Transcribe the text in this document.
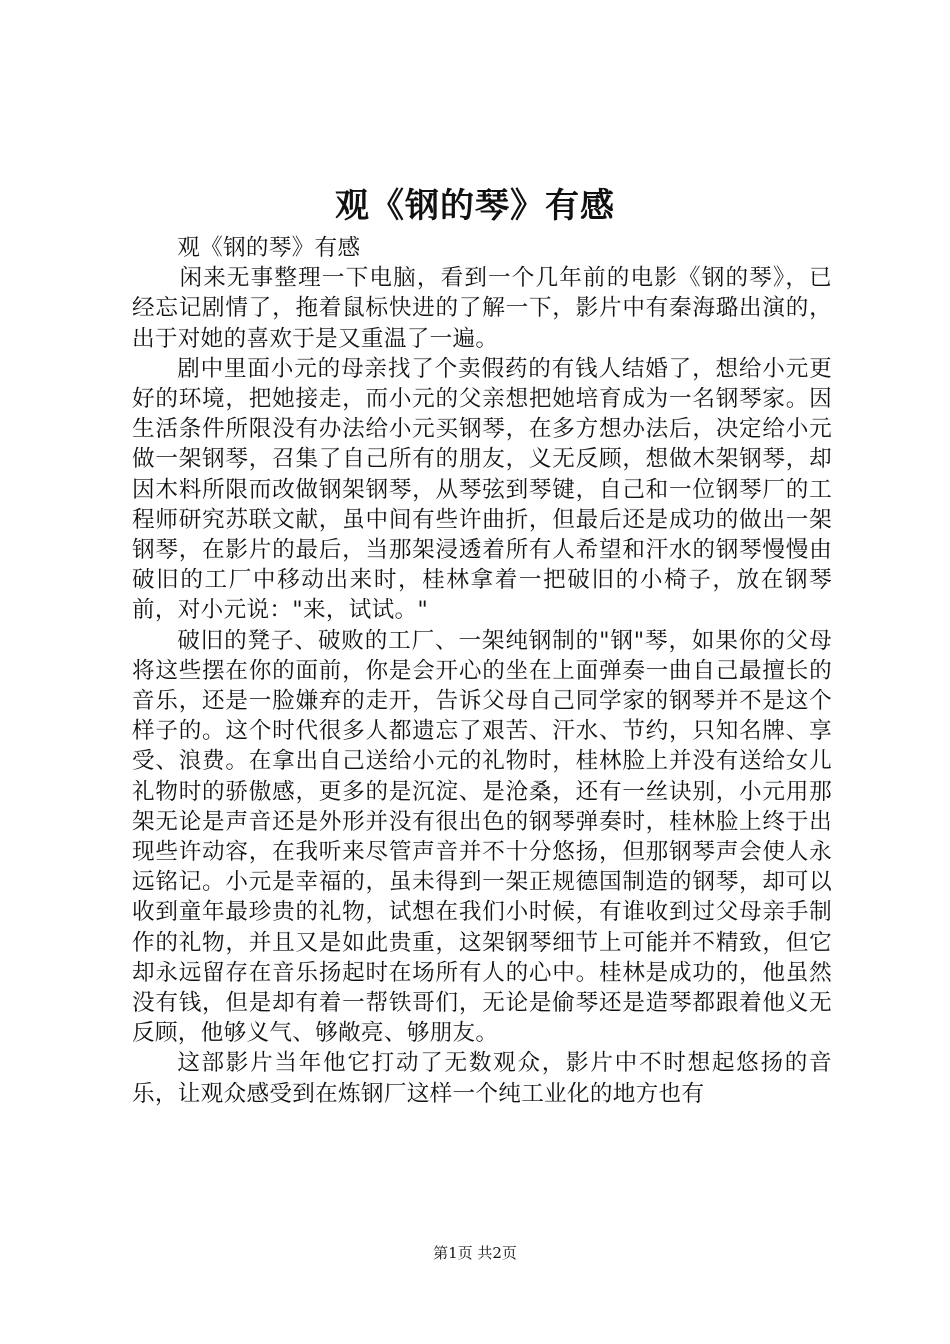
观《钢的琴》有感

观《钢的琴》有感

闲来无事整理一下电脑，看到一个几年前的电影《钢的琴》，已经忘记剧情了，拖着鼠标快进的了解一下，影片中有秦海璐出演的，出于对她的喜欢于是又重温了一遍。

剧中里面小元的母亲找了个卖假药的有钱人结婚了，想给小元更好的环境，把她接走，而小元的父亲想把她培育成为一名钢琴家。因生活条件所限没有办法给小元买钢琴，在多方想办法后，决定给小元做一架钢琴，召集了自己所有的朋友，义无反顾，想做木架钢琴，却因木料所限而改做钢架钢琴，从琴弦到琴键，自己和一位钢琴厂的工程师研究苏联文献，虽中间有些许曲折，但最后还是成功的做出一架钢琴，在影片的最后，当那架浸透着所有人希望和汗水的钢琴慢慢由破旧的工厂中移动出来时，桂林拿着一把破旧的小椅子，放在钢琴前，对小元说："来，试试。"

破旧的凳子、破败的工厂、一架纯钢制的"钢"琴，如果你的父母将这些摆在你的面前，你是会开心的坐在上面弹奏一曲自己最擅长的音乐，还是一脸嫌弃的走开，告诉父母自己同学家的钢琴并不是这个样子的。这个时代很多人都遗忘了艰苦、汗水、节约，只知名牌、享受、浪费。在拿出自己送给小元的礼物时，桂林脸上并没有送给女儿礼物时的骄傲感，更多的是沉淀、是沧桑，还有一丝诀别，小元用那架无论是声音还是外形并没有很出色的钢琴弹奏时，桂林脸上终于出现些许动容，在我听来尽管声音并不十分悠扬，但那钢琴声会使人永远铭记。小元是幸福的，虽未得到一架正规德国制造的钢琴，却可以收到童年最珍贵的礼物，试想在我们小时候，有谁收到过父母亲手制作的礼物，并且又是如此贵重，这架钢琴细节上可能并不精致，但它却永远留存在音乐扬起时在场所有人的心中。桂林是成功的，他虽然没有钱，但是却有着一帮铁哥们，无论是偷琴还是造琴都跟着他义无反顾，他够义气、够敞亮、够朋友。

这部影片当年他它打动了无数观众，影片中不时想起悠扬的音乐，让观众感受到在炼钢厂这样一个纯工业化的地方也有

第1页 共2页
